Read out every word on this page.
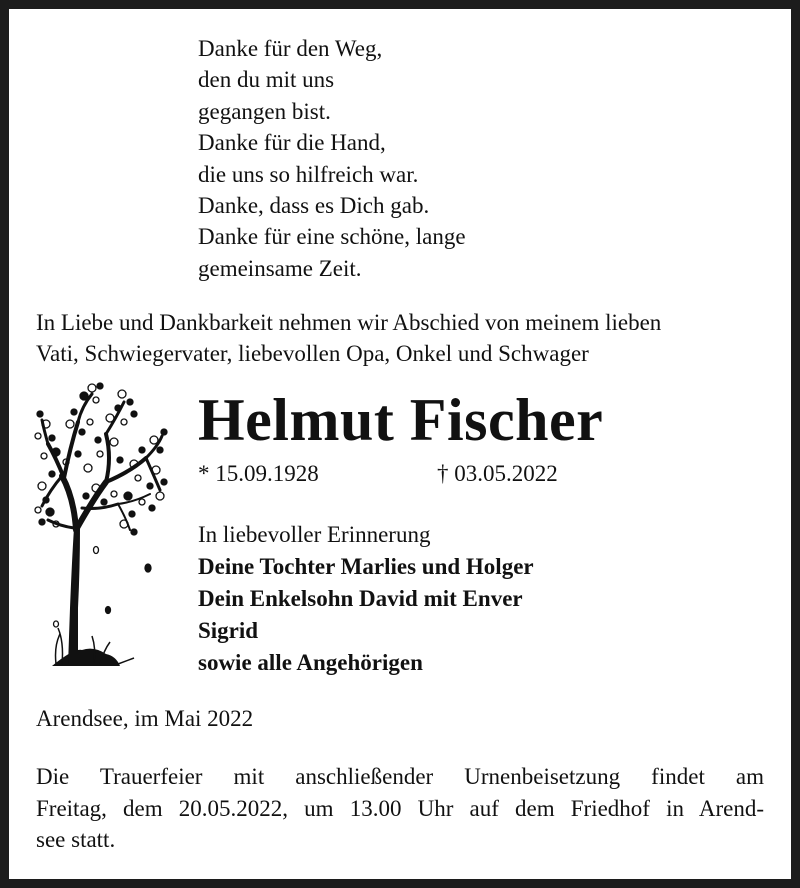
Danke für den Weg,
den du mit uns
gegangen bist.
Danke für die Hand,
die uns so hilfreich war.
Danke, dass es Dich gab.
Danke für eine schöne, lange
gemeinsame Zeit.
In Liebe und Dankbarkeit nehmen wir Abschied von meinem lieben
Vati, Schwiegervater, liebevollen Opa, Onkel und Schwager
Helmut Fischer
* 15.09.1928	† 03.05.2022
In liebevoller Erinnerung
Deine Tochter Marlies und Holger
Dein Enkelsohn David mit Enver
Sigrid
sowie alle Angehörigen
Arendsee, im Mai 2022
Die Trauerfeier mit anschließender Urnenbeisetzung findet am
Freitag, dem 20.05.2022, um 13.00 Uhr auf dem Friedhof in Arend-
see statt.
